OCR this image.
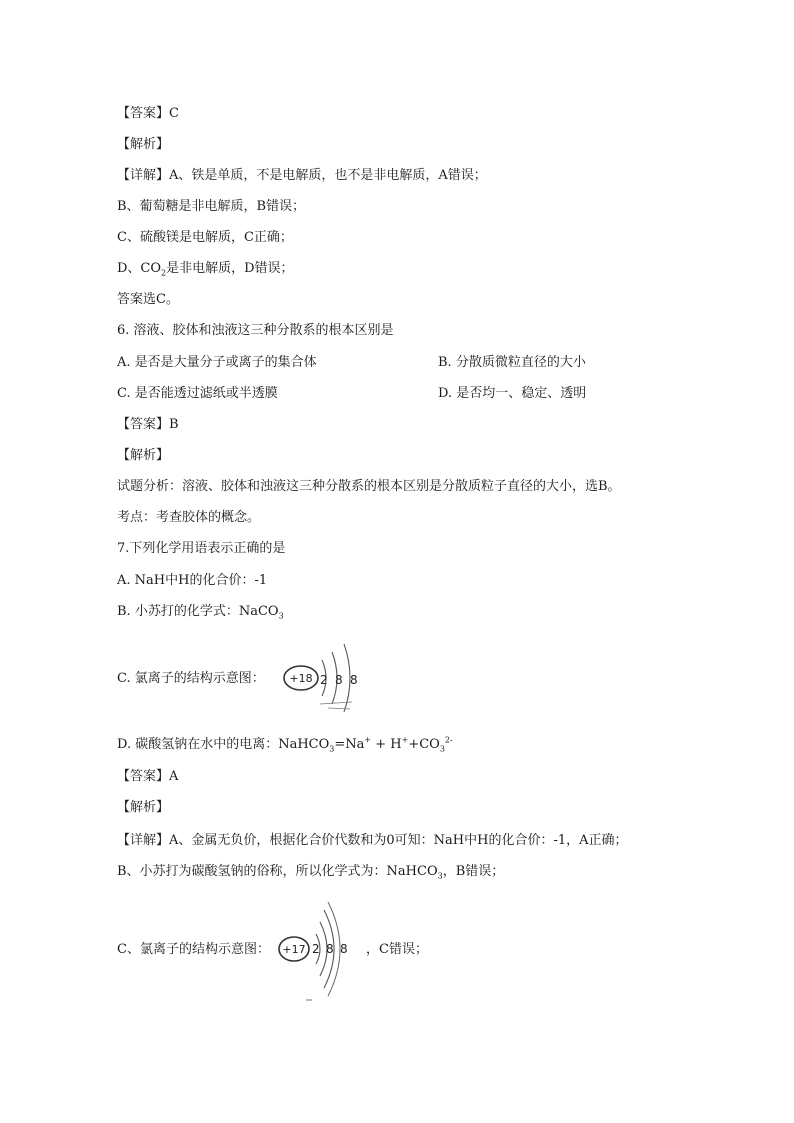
【答案】C
【解析】
【详解】A、铁是单质，不是电解质，也不是非电解质，A错误；
B、葡萄糖是非电解质，B错误；
C、硫酸镁是电解质，C正确；
D、$CO_2$是非电解质，D错误；
答案选C。
6. 溶液、胶体和浊液这三种分散系的根本区别是
A. 是否是大量分子或离子的集合体	B. 分散质微粒直径的大小
C. 是否能透过滤纸或半透膜	D. 是否均一、稳定、透明
【答案】B
【解析】
试题分析：溶液、胶体和浊液这三种分散系的根本区别是分散质粒子直径的大小，选B。
考点：考查胶体的概念。
7.下列化学用语表示正确的是
A. NaH中H的化合价：-1
B. 小苏打的化学式：NaCO$_3$
C. 氯离子的结构示意图： +18 2 8 8
D. 碳酸氢钠在水中的电离：NaHCO$_3$=Na+ + $H^++CO_3^{2-}$
【答案】A
【解析】
【详解】A、金属无负价，根据化合价代数和为0可知：NaH中H的化合价：-1，A正确；
B、小苏打为碳酸氢钠的俗称，所以化学式为：NaHCO$_3$，B错误；
C、氯离子的结构示意图： +17 2 8 8 ，C错误；
